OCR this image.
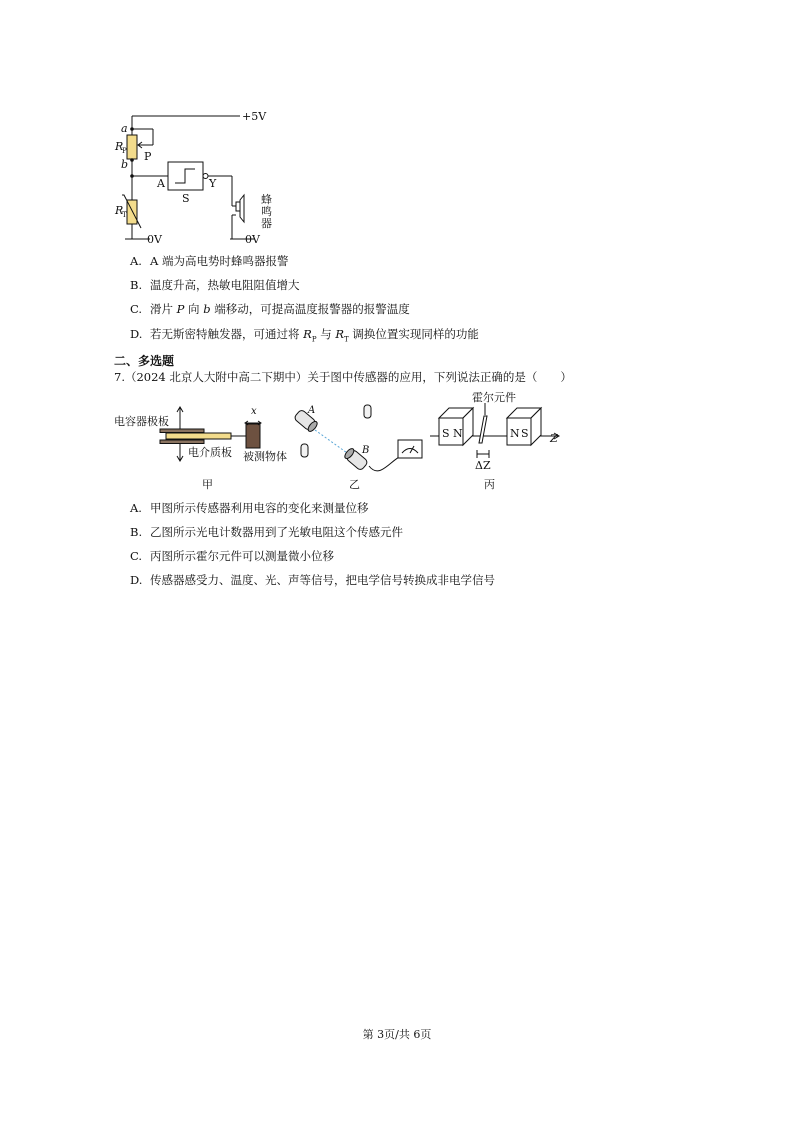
+5V
a
b
R
P P
R
T
A	Y
S
0V	0V
蜂
鸣
器
A. A 端为高电势时蜂鸣器报警
B. 温度升高，热敏电阻阻值增大
C. 滑片 P 向 b 端移动，可提高温度报警器的报警温度
D. 若无斯密特触发器，可通过将 $R_P$ 与 $R_T$ 调换位置实现同样的功能
二、多选题
7.（2024 北京人大附中高二下期中）关于图中传感器的应用，下列说法正确的是（　　）
电容器极板
电介质板 被测物体
x
甲
A
B
乙
霍尔元件
S N	N S Z
ΔZ
丙
A. 甲图所示传感器利用电容的变化来测量位移
B. 乙图所示光电计数器用到了光敏电阻这个传感元件
C. 丙图所示霍尔元件可以测量微小位移
D. 传感器感受力、温度、光、声等信号，把电学信号转换成非电学信号
第 3页/共 6页
